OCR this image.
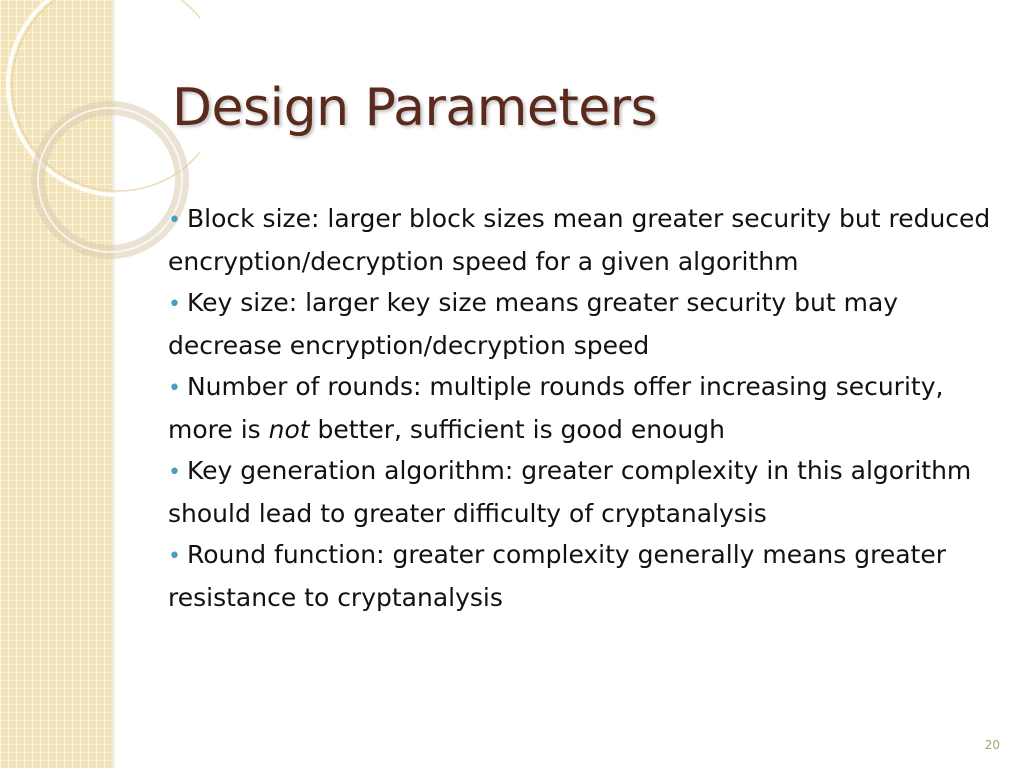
Design Parameters
• Block size: larger block sizes mean greater security but reduced encryption/decryption speed for a given algorithm
• Key size: larger key size means greater security but may decrease encryption/decryption speed
• Number of rounds: multiple rounds offer increasing security, more is not better, sufficient is good enough
• Key generation algorithm: greater complexity in this algorithm should lead to greater difficulty of cryptanalysis
• Round function: greater complexity generally means greater resistance to cryptanalysis
20
